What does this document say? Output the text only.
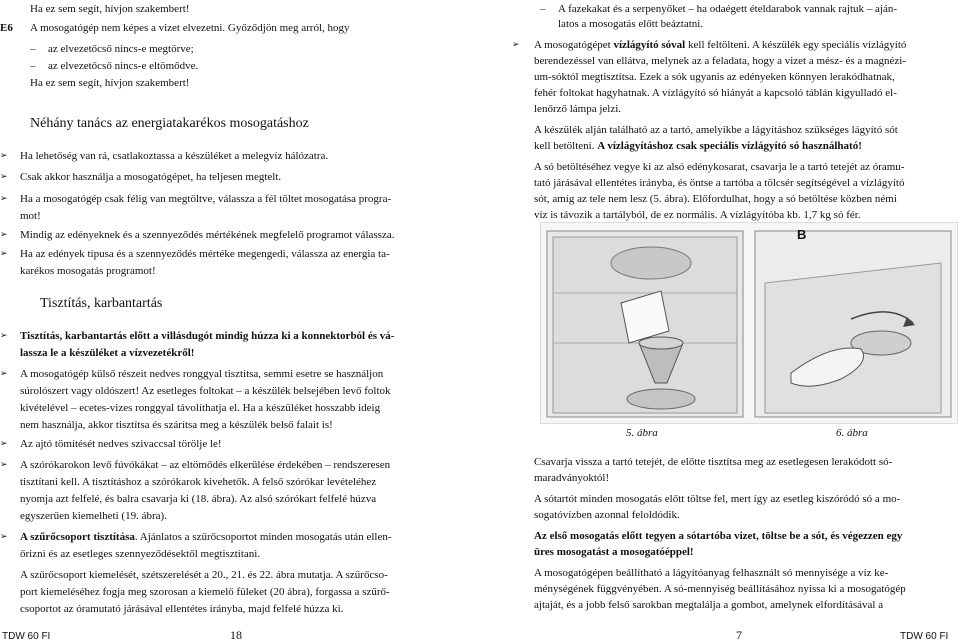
Ha ez sem segít, hívjon szakembert!

E6 A mosogatógép nem képes a vizet elvezetni. Győződjön meg arról, hogy

– az elvezetőcső nincs-e megtörve;

– az elvezetőcső nincs-e eltömődve.

Ha ez sem segít, hívjon szakembert!

Néhány tanács az energiatakarékos mosogatáshoz

➢ Ha lehetőség van rá, csatlakoztassa a készüléket a melegvíz hálózatra.

➢ Csak akkor használja a mosogatógépet, ha teljesen megtelt.

➢ Ha a mosogatógép csak félig van megtöltve, válassza a fél töltet mosogatása progra-

mot!

➢ Mindig az edényeknek és a szennyeződés mértékének megfelelő programot válassza.

➢ Ha az edények típusa és a szennyeződés mértéke megengedi, válassza az energia ta-

karékos mosogatás programot!

Tisztítás, karbantartás

➢ Tisztítás, karbantartás előtt a villásdugót mindig húzza ki a konnektorból és vá-

lassza le a készüléket a vízvezetékről!

➢ A mosogatógép külső részeit nedves ronggyal tisztítsa, semmi esetre se használjon

súrolószert vagy oldószert! Az esetleges foltokat – a készülék belsejében levő foltok

kivételével – ecetes-vizes ronggyal távolíthatja el. Ha a készüléket hosszabb ideig

nem használja, akkor tisztítsa és szárítsa meg a készülék belső falait is!

➢ Az ajtó tömítését nedves szivaccsal törölje le!

➢ A szórókarokon levő fúvókákat – az eltömődés elkerülése érdekében – rendszeresen

tisztítani kell. A tisztításhoz a szórókarok kivehetők. A felső szórókar levételéhez

nyomja azt felfelé, és balra csavarja ki (18. ábra). Az alsó szórókart felfelé húzva

egyszerűen kiemelheti (19. ábra).

➢ A szűrőcsoport tisztítása. Ajánlatos a szűrőcsoportot minden mosogatás után ellen-

őrizni és az esetleges szennyeződésektől megtisztítani.

A szűrőcsoport kiemelését, szétszerelését a 20., 21. és 22. ábra mutatja. A szűrőcso-

port kiemeléséhez fogja meg szorosan a kiemelő füleket (20 ábra), forgassa a szűrő-

csoportot az óramutató járásával ellentétes irányba, majd felfelé húzza ki.

– A fazekakat és a serpenyőket – ha odaégett ételdarabok vannak rajtuk – aján-

latos a mosogatás előtt beáztatni.

➢ A mosogatógépet vízlágyító sóval kell feltölteni. A készülék egy speciális vízlágyító

berendezéssel van ellátva, melynek az a feladata, hogy a vizet a mész- és a magnézi-

um-sóktól megtisztítsa. Ezek a sók ugyanis az edényeken könnyen lerakódhatnak,

fehér foltokat hagyhatnak. A vízlágyító só hiányát a kapcsoló táblán kigyulladó el-

lenőrző lámpa jelzi.

A készülék alján található az a tartó, amelyikbe a lágyításhoz szükséges lágyító sót

kell betölteni. A vízlágyításhoz csak speciális vízlágyító só használható!

A só betöltéséhez vegye ki az alsó edénykosarat, csavarja le a tartó tetejét az óramu-

tató járásával ellentétes irányba, és öntse a tartóba a tölcsér segítségével a vízlágyító

sót, amíg az tele nem lesz (5. ábra). Előfordulhat, hogy a só betöltése közben némi

víz is távozik a tartályból, de ez normális. A vízlágyítóba kb. 1,7 kg só fér.

B

5. ábra	6. ábra

Csavarja vissza a tartó tetejét, de előtte tisztítsa meg az esetlegesen lerakódott só-

maradványoktól!

A sótartót minden mosogatás előtt töltse fel, mert így az esetleg kiszóródó só a mo-

sogatóvízben azonnal feloldódik.

Az első mosogatás előtt tegyen a sótartóba vizet, töltse be a sót, és végezzen egy

üres mosogatást a mosogatóéppel!

A mosogatógépen beállítható a lágyítóanyag felhasznált só mennyisége a víz ke-

ménységének függvényében. A só-mennyiség beállításához nyissa ki a mosogatógép

ajtaját, és a jobb felső sarokban megtalálja a gombot, amelynek elfordításával a

TDW 60 FI	18	7	TDW 60 FI
